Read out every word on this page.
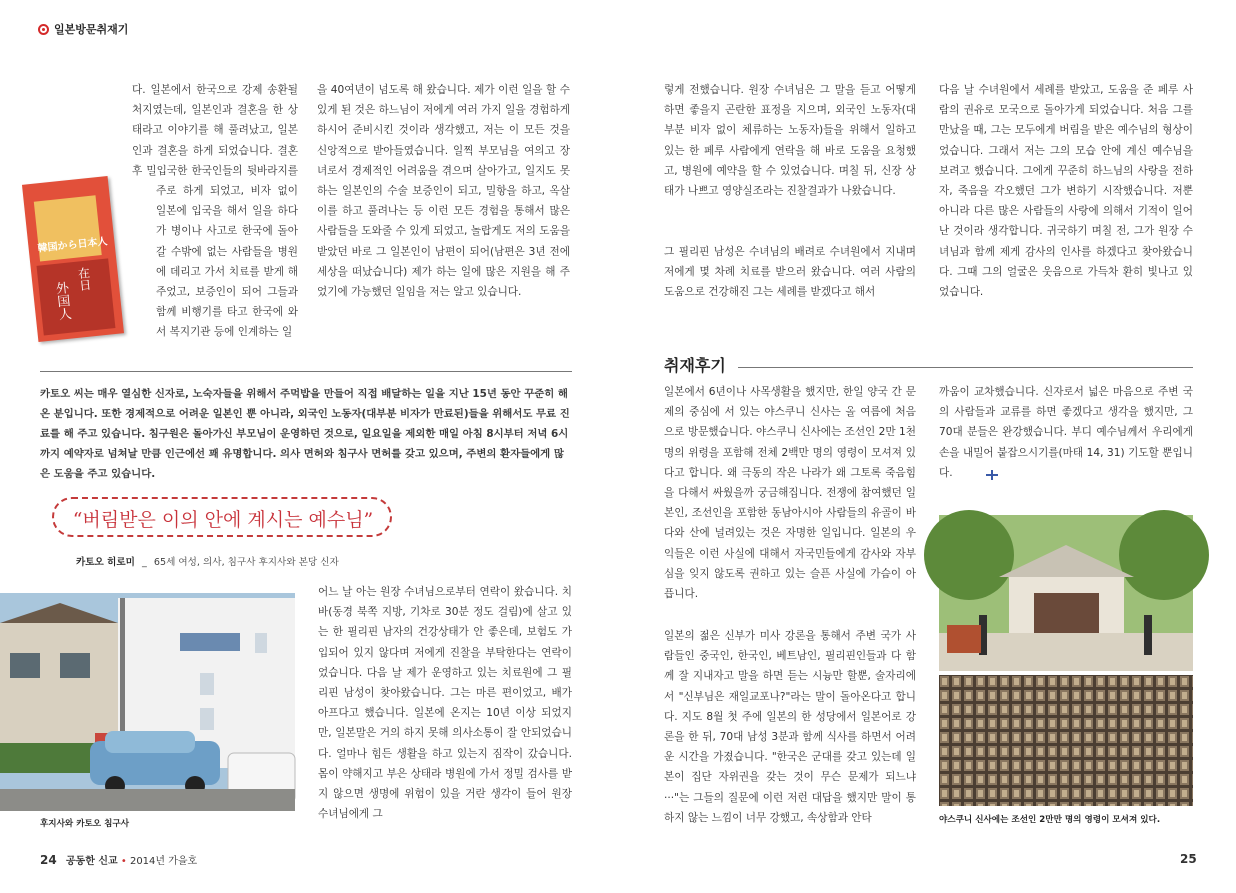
일본방문취재기
韓国から日本人
在日
外国人

다. 일본에서 한국으로 강제 송환될 처지였는데, 일본인과 결혼을 한 상태라고 이야기를 해 풀려났고, 일본인과 결혼을 하게 되었습니다. 결혼 후 밀입국한 한국인들의 뒷바라지를 주로 하게 되었고, 비자 없이 일본에 입국을 해서 일을 하다가 병이나 사고로 한국에 돌아갈 수밖에 없는 사람들을 병원에 데리고 가서 치료를 받게 해주었고, 보증인이 되어 그들과 함께 비행기를 타고 한국에 와서 복지기관 등에 인계하는 일

을 40여년이 넘도록 해 왔습니다. 제가 이런 일을 할 수 있게 된 것은 하느님이 저에게 여러 가지 일을 경험하게 하시어 준비시킨 것이라 생각했고, 저는 이 모든 것을 신앙적으로 받아들였습니다. 일찍 부모님을 여의고 장녀로서 경제적인 어려움을 겪으며 살아가고, 일지도 못하는 일본인의 수술 보증인이 되고, 밀항을 하고, 옥살이를 하고 풀려나는 등 이런 모든 경험을 통해서 많은 사람들을 도와줄 수 있게 되었고, 놀랍게도 저의 도움을 받았던 바로 그 일본인이 남편이 되어(남편은 3년 전에 세상을 떠났습니다) 제가 하는 일에 많은 지원을 해 주었기에 가능했던 일임을 저는 알고 있습니다.

카토오 씨는 매우 열심한 신자로, 노숙자들을 위해서 주먹밥을 만들어 직접 배달하는 일을 지난 15년 동안 꾸준히 해 온 분입니다. 또한 경제적으로 어려운 일본인 뿐 아니라, 외국인 노동자(대부분 비자가 만료된)들을 위해서도 무료 진료를 해 주고 있습니다. 침구원은 돌아가신 부모님이 운영하던 것으로, 일요일을 제외한 매일 아침 8시부터 저녁 6시까지 예약자로 넘쳐날 만큼 인근에선 꽤 유명합니다. 의사 면허와 침구사 면허를 갖고 있으며, 주변의 환자들에게 많은 도움을 주고 있습니다.
“버림받은 이의 안에 계시는 예수님”
카토오 히로미 _ 65세 여성, 의사, 침구사 후지사와 본당 신자
후지사와 카토오 침구사

어느 날 아는 원장 수녀님으로부터 연락이 왔습니다. 치바(동경 북쪽 지방, 기차로 30분 정도 걸림)에 살고 있는 한 필리핀 남자의 건강상태가 안 좋은데, 보험도 가입되어 있지 않다며 저에게 진찰을 부탁한다는 연락이었습니다. 다음 날 제가 운영하고 있는 치료원에 그 필리핀 남성이 찾아왔습니다. 그는 마른 편이었고, 배가 아프다고 했습니다. 일본에 온지는 10년 이상 되었지만, 일본말은 거의 하지 못해 의사소통이 잘 안되었습니다. 얼마나 힘든 생활을 하고 있는지 짐작이 갔습니다. 몸이 약해지고 부은 상태라 병원에 가서 정밀 검사를 받지 않으면 생명에 위험이 있을 거란 생각이 들어 원장 수녀님에게 그

24 공동한 신교 • 2014년 가을호

렇게 전했습니다. 원장 수녀님은 그 말을 듣고 어떻게 하면 좋을지 곤란한 표정을 지으며, 외국인 노동자(대부분 비자 없이 체류하는 노동자)들을 위해서 일하고 있는 한 페루 사람에게 연락을 해 바로 도움을 요청했고, 병원에 예약을 할 수 있었습니다. 며칠 뒤, 신장 상태가 나쁘고 영양실조라는 진찰결과가 나왔습니다.

그 필리핀 남성은 수녀님의 배려로 수녀원에서 지내며 저에게 몇 차례 치료를 받으러 왔습니다. 여러 사람의 도움으로 건강해진 그는 세례를 받겠다고 해서

다음 날 수녀원에서 세례를 받았고, 도움을 준 페루 사람의 권유로 모국으로 돌아가게 되었습니다. 처음 그를 만났을 때, 그는 모두에게 버림을 받은 예수님의 형상이었습니다. 그래서 저는 그의 모습 안에 계신 예수님을 보려고 했습니다. 그에게 꾸준히 하느님의 사랑을 전하자, 죽음을 각오했던 그가 변하기 시작했습니다. 저뿐 아니라 다른 많은 사람들의 사랑에 의해서 기적이 일어난 것이라 생각합니다. 귀국하기 며칠 전, 그가 원장 수녀님과 함께 제게 감사의 인사를 하겠다고 찾아왔습니다. 그때 그의 얼굴은 웃음으로 가득차 환히 빛나고 있었습니다.

취재후기

일본에서 6년이나 사목생활을 했지만, 한일 양국 간 문제의 중심에 서 있는 야스쿠니 신사는 올 여름에 처음으로 방문했습니다. 야스쿠니 신사에는 조선인 2만 1천 명의 위령을 포함해 전체 2백만 명의 영령이 모셔져 있다고 합니다. 왜 극동의 작은 나라가 왜 그토록 죽음힘을 다해서 싸웠을까 궁금해집니다. 전쟁에 참여했던 일본인, 조선인을 포함한 동남아시아 사람들의 유골이 바다와 산에 널려있는 것은 자명한 일입니다. 일본의 우익들은 이런 사실에 대해서 자국민들에게 감사와 자부심을 잊지 않도록 권하고 있는 슬픈 사실에 가슴이 아픕니다.

일본의 젊은 신부가 미사 강론을 통해서 주변 국가 사람들인 중국인, 한국인, 베트남인, 필리핀인들과 다 함께 잘 지내자고 말을 하면 듣는 시늉만 할뿐, 술자리에서 "신부님은 재일교포나?"라는 말이 돌아온다고 합니다. 지도 8월 첫 주에 일본의 한 성당에서 일본어로 강론을 한 뒤, 70대 남성 3분과 함께 식사를 하면서 어려운 시간을 가졌습니다. "한국은 군대를 갖고 있는데 일본이 집단 자위권을 갖는 것이 무슨 문제가 되느냐···"는 그들의 질문에 이런 저런 대답을 했지만 말이 통하지 않는 느낌이 너무 강했고, 속상함과 안타

까움이 교차했습니다. 신자로서 넓은 마음으로 주변 국의 사람들과 교류를 하면 좋겠다고 생각을 했지만, 그 70대 분들은 완강했습니다. 부디 예수님께서 우리에게 손을 내밀어 붙잡으시기를(마태 14, 31) 기도할 뿐입니다.

야스쿠니 신사에는 조선인 2만만 명의 영령이 모셔져 있다.
25
